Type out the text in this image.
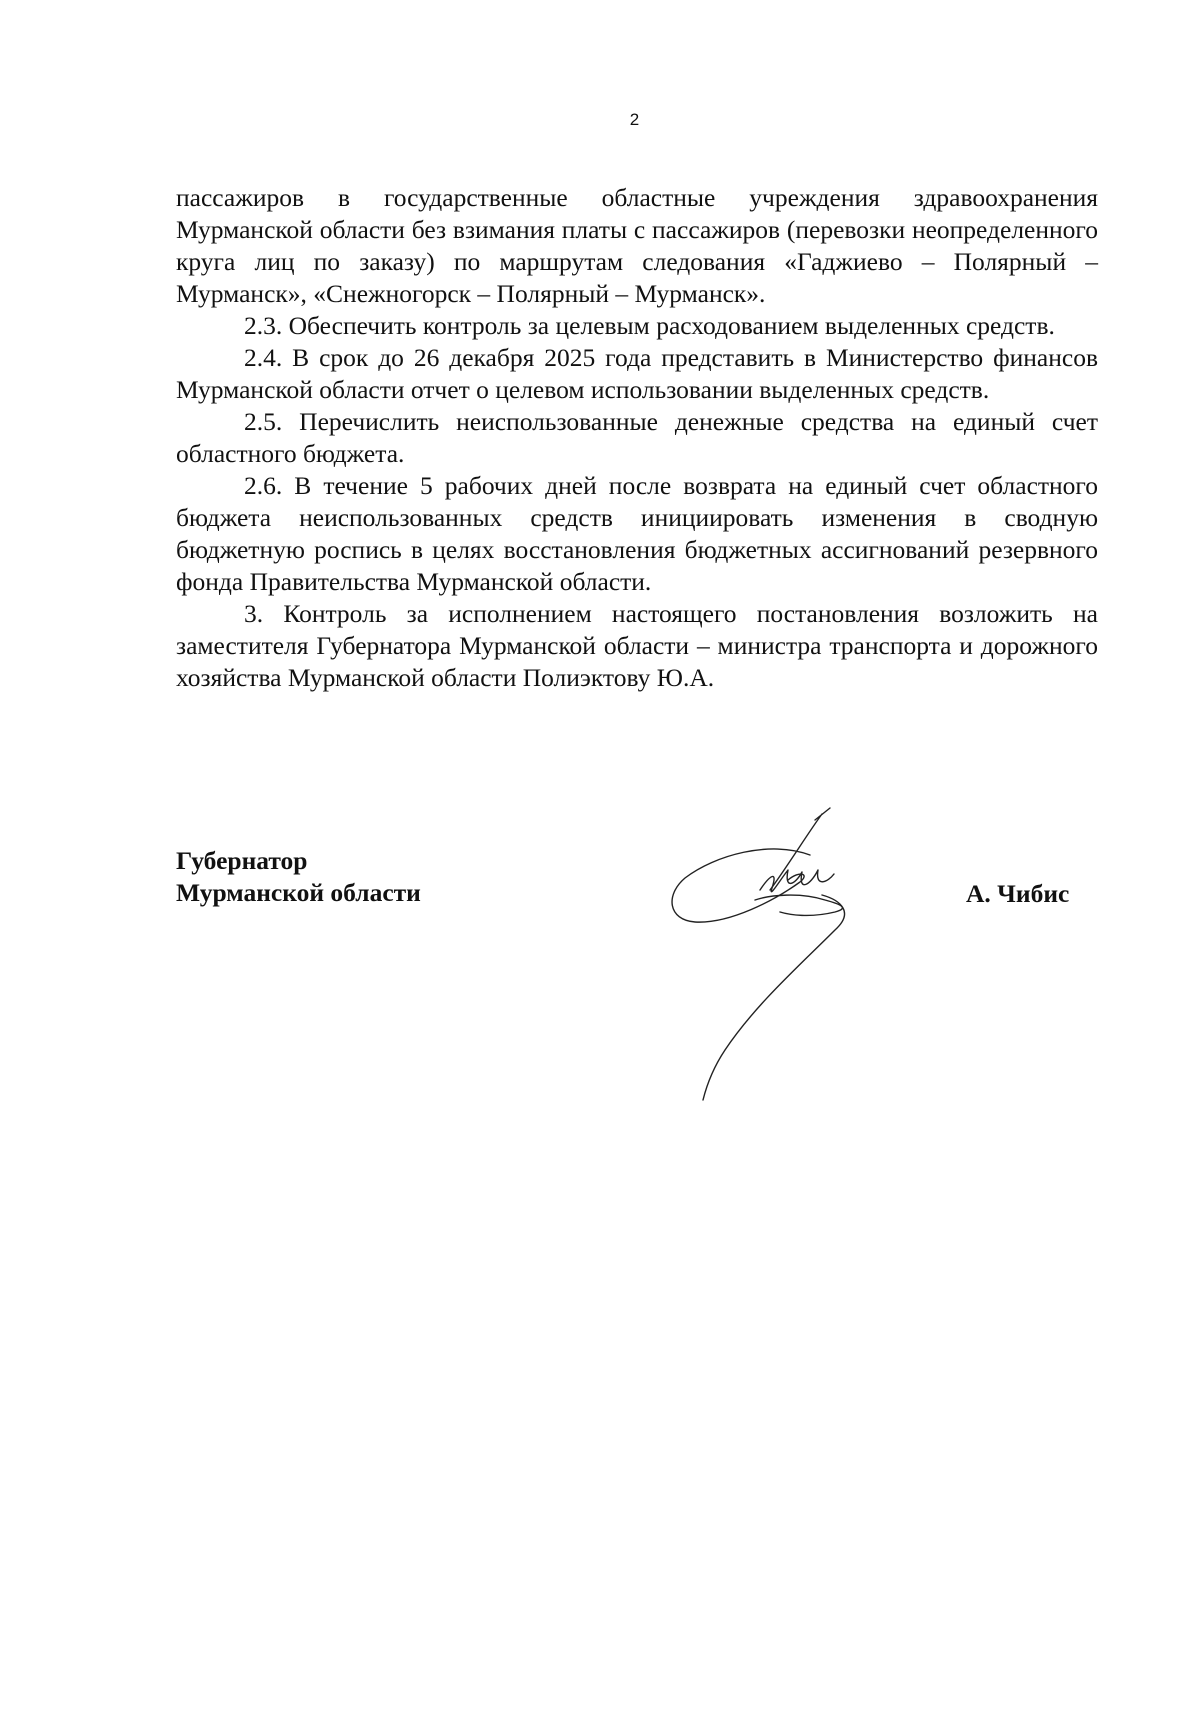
2

пассажиров в государственные областные учреждения здравоохранения Мурманской области без взимания платы с пассажиров (перевозки неопределенного круга лиц по заказу) по маршрутам следования «Гаджиево – Полярный – Мурманск», «Снежногорск – Полярный – Мурманск».

2.3. Обеспечить контроль за целевым расходованием выделенных средств.

2.4. В срок до 26 декабря 2025 года представить в Министерство финансов Мурманской области отчет о целевом использовании выделенных средств.

2.5. Перечислить неиспользованные денежные средства на единый счет областного бюджета.

2.6. В течение 5 рабочих дней после возврата на единый счет областного бюджета неиспользованных средств инициировать изменения в сводную бюджетную роспись в целях восстановления бюджетных ассигнований резервного фонда Правительства Мурманской области.

3. Контроль за исполнением настоящего постановления возложить на заместителя Губернатора Мурманской области – министра транспорта и дорожного хозяйства Мурманской области Полиэктову Ю.А.

Губернатор
Мурманской области	А. Чибис
